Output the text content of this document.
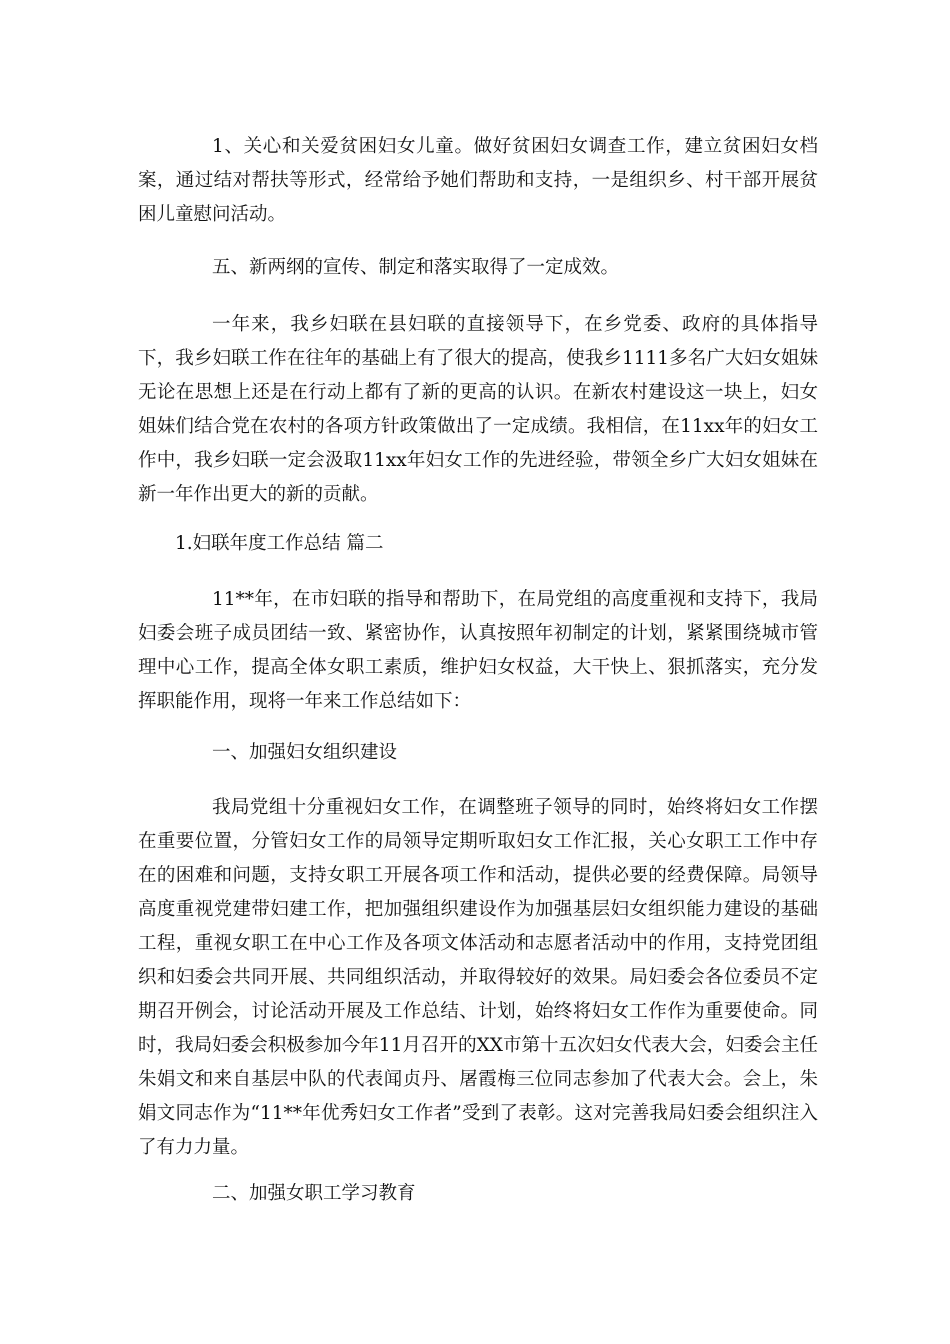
1、关心和关爱贫困妇女儿童。做好贫困妇女调查工作，建立贫困妇女档案，通过结对帮扶等形式，经常给予她们帮助和支持，一是组织乡、村干部开展贫困儿童慰问活动。

五、新两纲的宣传、制定和落实取得了一定成效。

一年来，我乡妇联在县妇联的直接领导下，在乡党委、政府的具体指导下，我乡妇联工作在往年的基础上有了很大的提高，使我乡1111多名广大妇女姐妹无论在思想上还是在行动上都有了新的更高的认识。在新农村建设这一块上，妇女姐妹们结合党在农村的各项方针政策做出了一定成绩。我相信，在11xx年的妇女工作中，我乡妇联一定会汲取11xx年妇女工作的先进经验，带领全乡广大妇女姐妹在新一年作出更大的新的贡献。

1.妇联年度工作总结 篇二

11**年，在市妇联的指导和帮助下，在局党组的高度重视和支持下，我局妇委会班子成员团结一致、紧密协作，认真按照年初制定的计划，紧紧围绕城市管理中心工作，提高全体女职工素质，维护妇女权益，大干快上、狠抓落实，充分发挥职能作用，现将一年来工作总结如下：

一、加强妇女组织建设

我局党组十分重视妇女工作，在调整班子领导的同时，始终将妇女工作摆在重要位置，分管妇女工作的局领导定期听取妇女工作汇报，关心女职工工作中存在的困难和问题，支持女职工开展各项工作和活动，提供必要的经费保障。局领导高度重视党建带妇建工作，把加强组织建设作为加强基层妇女组织能力建设的基础工程，重视女职工在中心工作及各项文体活动和志愿者活动中的作用，支持党团组织和妇委会共同开展、共同组织活动，并取得较好的效果。局妇委会各位委员不定期召开例会，讨论活动开展及工作总结、计划，始终将妇女工作作为重要使命。同时，我局妇委会积极参加今年11月召开的XX市第十五次妇女代表大会，妇委会主任朱娟文和来自基层中队的代表闻贞丹、屠霞梅三位同志参加了代表大会。会上，朱娟文同志作为“11**年优秀妇女工作者”受到了表彰。这对完善我局妇委会组织注入了有力力量。

二、加强女职工学习教育
